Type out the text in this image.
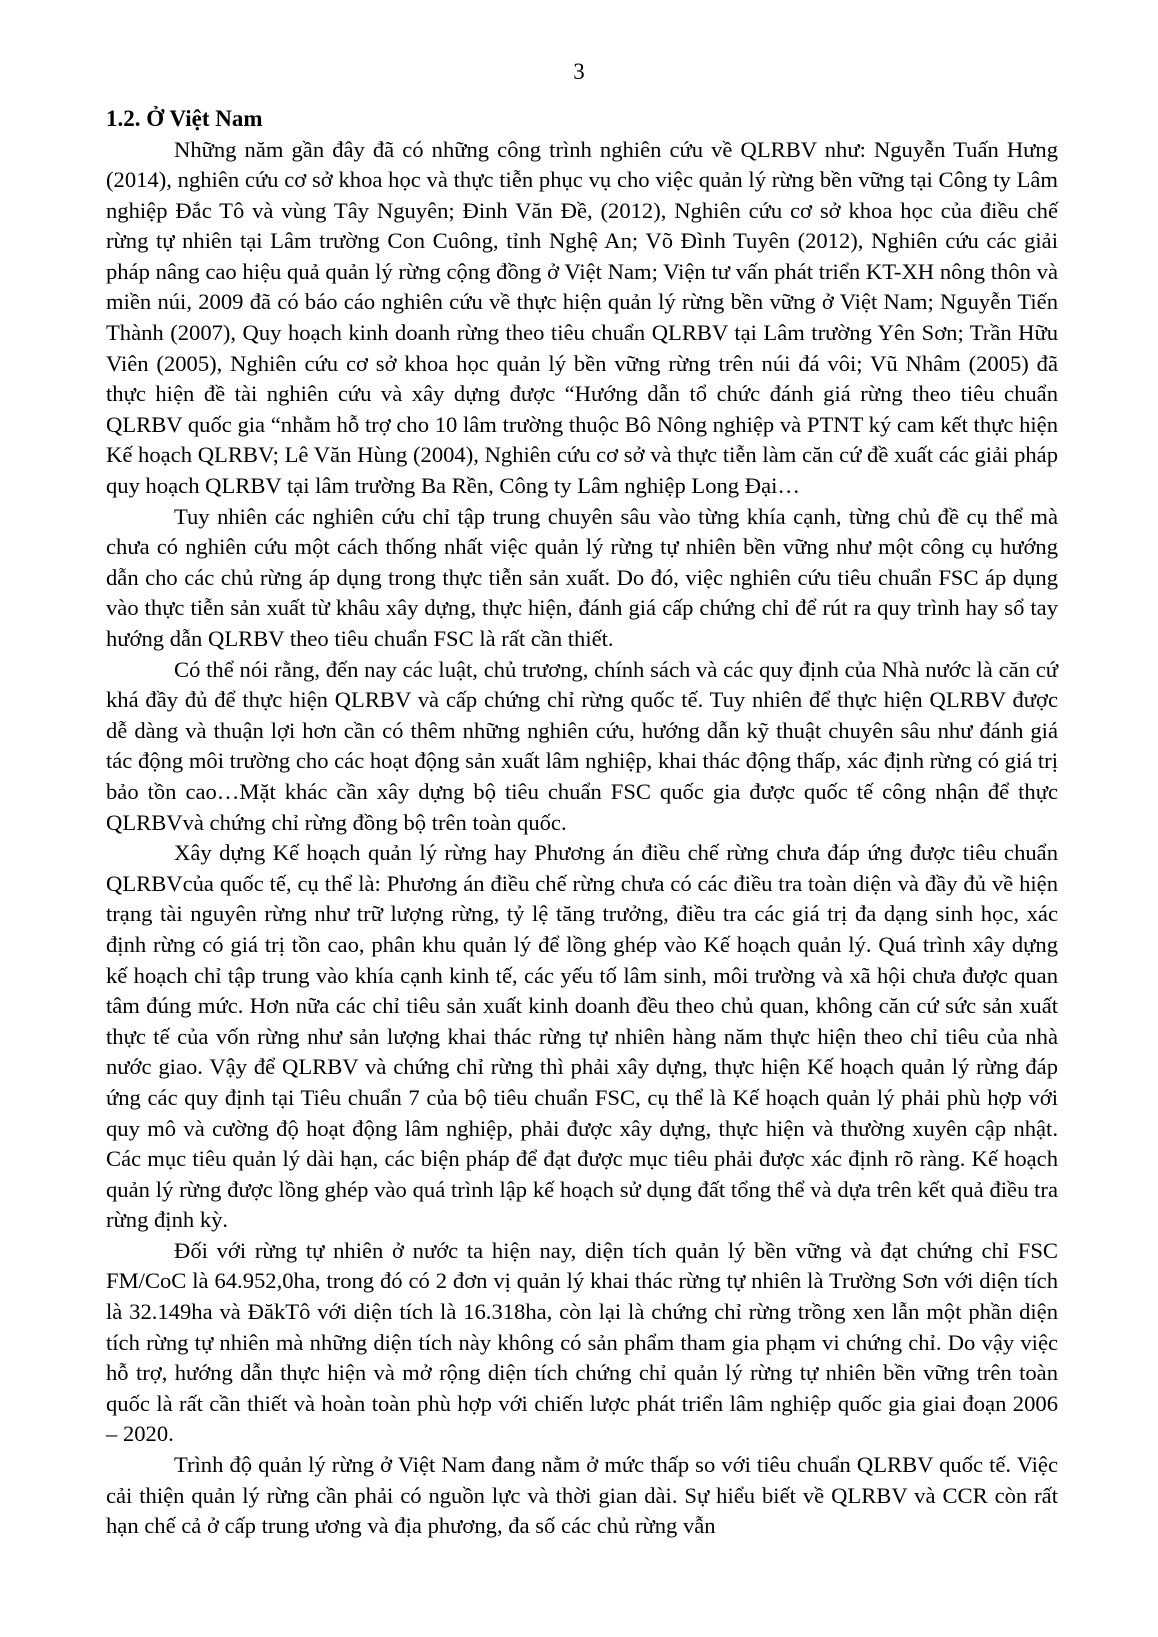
3
1.2. Ở Việt Nam

Những năm gần đây đã có những công trình nghiên cứu về QLRBV như: Nguyễn Tuấn Hưng (2014), nghiên cứu cơ sở khoa học và thực tiễn phục vụ cho việc quản lý rừng bền vững tại Công ty Lâm nghiệp Đắc Tô và vùng Tây Nguyên; Đinh Văn Đề, (2012), Nghiên cứu cơ sở khoa học của điều chế rừng tự nhiên tại Lâm trường Con Cuông, tỉnh Nghệ An; Võ Đình Tuyên (2012), Nghiên cứu các giải pháp nâng cao hiệu quả quản lý rừng cộng đồng ở Việt Nam; Viện tư vấn phát triển KT-XH nông thôn và miền núi, 2009 đã có báo cáo nghiên cứu về thực hiện quản lý rừng bền vững ở Việt Nam; Nguyễn Tiến Thành (2007), Quy hoạch kinh doanh rừng theo tiêu chuẩn QLRBV tại Lâm trường Yên Sơn; Trần Hữu Viên (2005), Nghiên cứu cơ sở khoa học quản lý bền vững rừng trên núi đá vôi; Vũ Nhâm (2005) đã thực hiện đề tài nghiên cứu và xây dựng được “Hướng dẫn tổ chức đánh giá rừng theo tiêu chuẩn QLRBV quốc gia “nhằm hỗ trợ cho 10 lâm trường thuộc Bô Nông nghiệp và PTNT ký cam kết thực hiện Kế hoạch QLRBV; Lê Văn Hùng (2004), Nghiên cứu cơ sở và thực tiễn làm căn cứ đề xuất các giải pháp quy hoạch QLRBV tại lâm trường Ba Rền, Công ty Lâm nghiệp Long Đại…

Tuy nhiên các nghiên cứu chỉ tập trung chuyên sâu vào từng khía cạnh, từng chủ đề cụ thể mà chưa có nghiên cứu một cách thống nhất việc quản lý rừng tự nhiên bền vững như một công cụ hướng dẫn cho các chủ rừng áp dụng trong thực tiễn sản xuất. Do đó, việc nghiên cứu tiêu chuẩn FSC áp dụng vào thực tiễn sản xuất từ khâu xây dựng, thực hiện, đánh giá cấp chứng chỉ để rút ra quy trình hay sổ tay hướng dẫn QLRBV theo tiêu chuẩn FSC là rất cần thiết.

Có thể nói rằng, đến nay các luật, chủ trương, chính sách và các quy định của Nhà nước là căn cứ khá đầy đủ để thực hiện QLRBV và cấp chứng chỉ rừng quốc tế. Tuy nhiên để thực hiện QLRBV được dễ dàng và thuận lợi hơn cần có thêm những nghiên cứu, hướng dẫn kỹ thuật chuyên sâu như đánh giá tác động môi trường cho các hoạt động sản xuất lâm nghiệp, khai thác động thấp, xác định rừng có giá trị bảo tồn cao…Mặt khác cần xây dựng bộ tiêu chuẩn FSC quốc gia được quốc tế công nhận để thực QLRBVvà chứng chỉ rừng đồng bộ trên toàn quốc.

Xây dựng Kế hoạch quản lý rừng hay Phương án điều chế rừng chưa đáp ứng được tiêu chuẩn QLRBVcủa quốc tế, cụ thể là: Phương án điều chế rừng chưa có các điều tra toàn diện và đầy đủ về hiện trạng tài nguyên rừng như trữ lượng rừng, tỷ lệ tăng trưởng, điều tra các giá trị đa dạng sinh học, xác định rừng có giá trị tồn cao, phân khu quản lý để lồng ghép vào Kế hoạch quản lý. Quá trình xây dựng kế hoạch chỉ tập trung vào khía cạnh kinh tế, các yếu tố lâm sinh, môi trường và xã hội chưa được quan tâm đúng mức. Hơn nữa các chỉ tiêu sản xuất kinh doanh đều theo chủ quan, không căn cứ sức sản xuất thực tế của vốn rừng như sản lượng khai thác rừng tự nhiên hàng năm thực hiện theo chỉ tiêu của nhà nước giao. Vậy để QLRBV và chứng chỉ rừng thì phải xây dựng, thực hiện Kế hoạch quản lý rừng đáp ứng các quy định tại Tiêu chuẩn 7 của bộ tiêu chuẩn FSC, cụ thể là Kế hoạch quản lý phải phù hợp với quy mô và cường độ hoạt động lâm nghiệp, phải được xây dựng, thực hiện và thường xuyên cập nhật. Các mục tiêu quản lý dài hạn, các biện pháp để đạt được mục tiêu phải được xác định rõ ràng. Kế hoạch quản lý rừng được lồng ghép vào quá trình lập kế hoạch sử dụng đất tổng thể và dựa trên kết quả điều tra rừng định kỳ.

Đối với rừng tự nhiên ở nước ta hiện nay, diện tích quản lý bền vững và đạt chứng chỉ FSC FM/CoC là 64.952,0ha, trong đó có 2 đơn vị quản lý khai thác rừng tự nhiên là Trường Sơn với diện tích là 32.149ha và ĐăkTô với diện tích là 16.318ha, còn lại là chứng chỉ rừng trồng xen lẫn một phần diện tích rừng tự nhiên mà những diện tích này không có sản phẩm tham gia phạm vi chứng chỉ. Do vậy việc hỗ trợ, hướng dẫn thực hiện và mở rộng diện tích chứng chỉ quản lý rừng tự nhiên bền vững trên toàn quốc là rất cần thiết và hoàn toàn phù hợp với chiến lược phát triển lâm nghiệp quốc gia giai đoạn 2006 – 2020.

Trình độ quản lý rừng ở Việt Nam đang nằm ở mức thấp so với tiêu chuẩn QLRBV quốc tế. Việc cải thiện quản lý rừng cần phải có nguồn lực và thời gian dài. Sự hiểu biết về QLRBV và CCR còn rất hạn chế cả ở cấp trung ương và địa phương, đa số các chủ rừng vẫn
